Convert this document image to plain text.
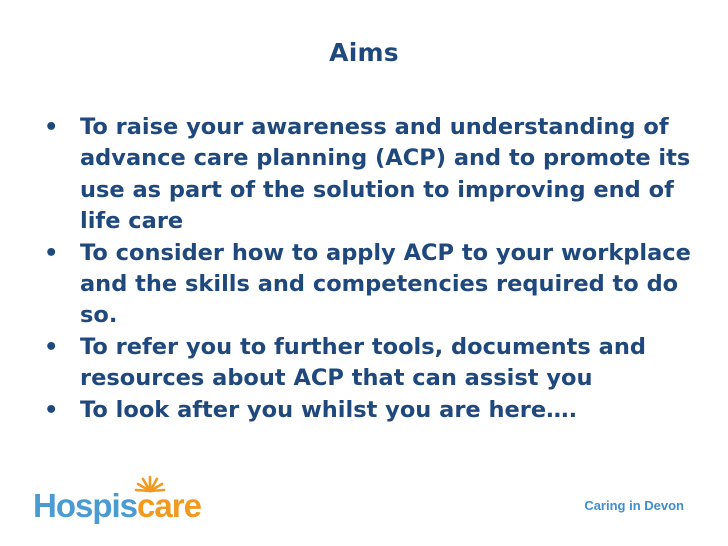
Aims
• To raise your awareness and understanding of advance care planning (ACP) and to promote its use as part of the solution to improving end of life care
• To consider how to apply ACP to your workplace and the skills and competencies required to do so.
• To refer you to further tools, documents and resources about ACP that can assist you
• To look after you whilst you are here….
Hospiscare	Caring in Devon
